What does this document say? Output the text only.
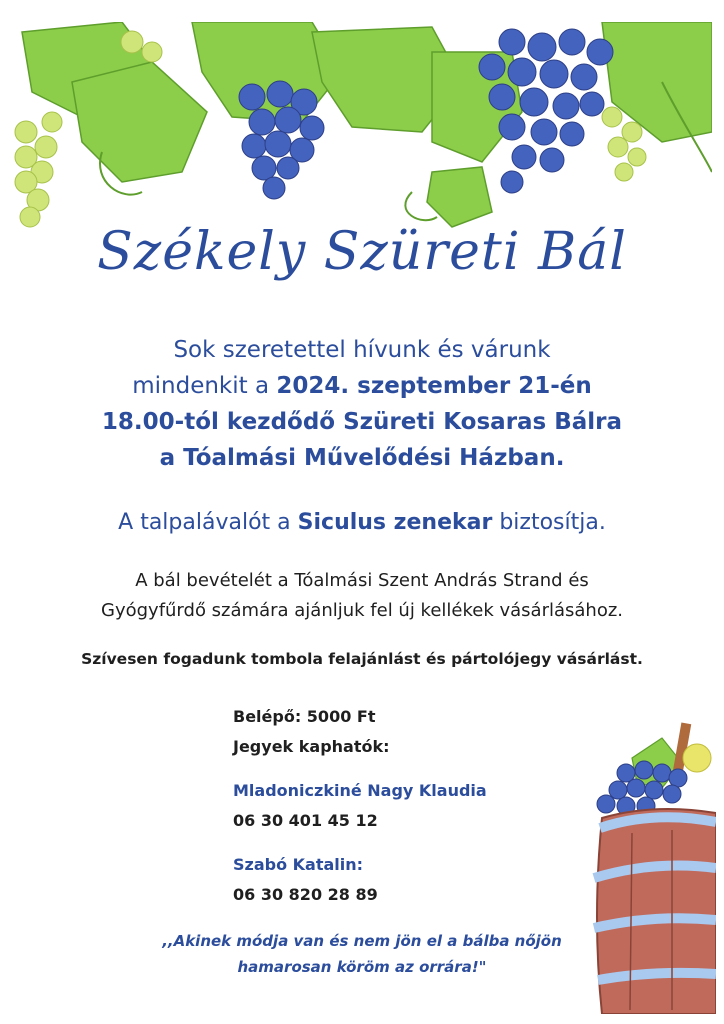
Székely Szüreti Bál
Sok szeretettel hívunk és várunk
mindenkit a 2024. szeptember 21-én
18.00-tól kezdődő Szüreti Kosaras Bálra
a Tóalmási Művelődési Házban.
A talpalávalót a Siculus zenekar biztosítja.
A bál bevételét a Tóalmási Szent András Strand és
Gyógyfűrdő számára ajánljuk fel új kellékek vásárlásához.
Szívesen fogadunk tombola felajánlást és pártolójegy vásárlást.
Belépő: 5000 Ft
Jegyek kaphatók:
Mladoniczkiné Nagy Klaudia
06 30 401 45 12
Szabó Katalin:
06 30 820 28 89
,,Akinek módja van és nem jön el a bálba nőjön
hamarosan köröm az orrára!"
